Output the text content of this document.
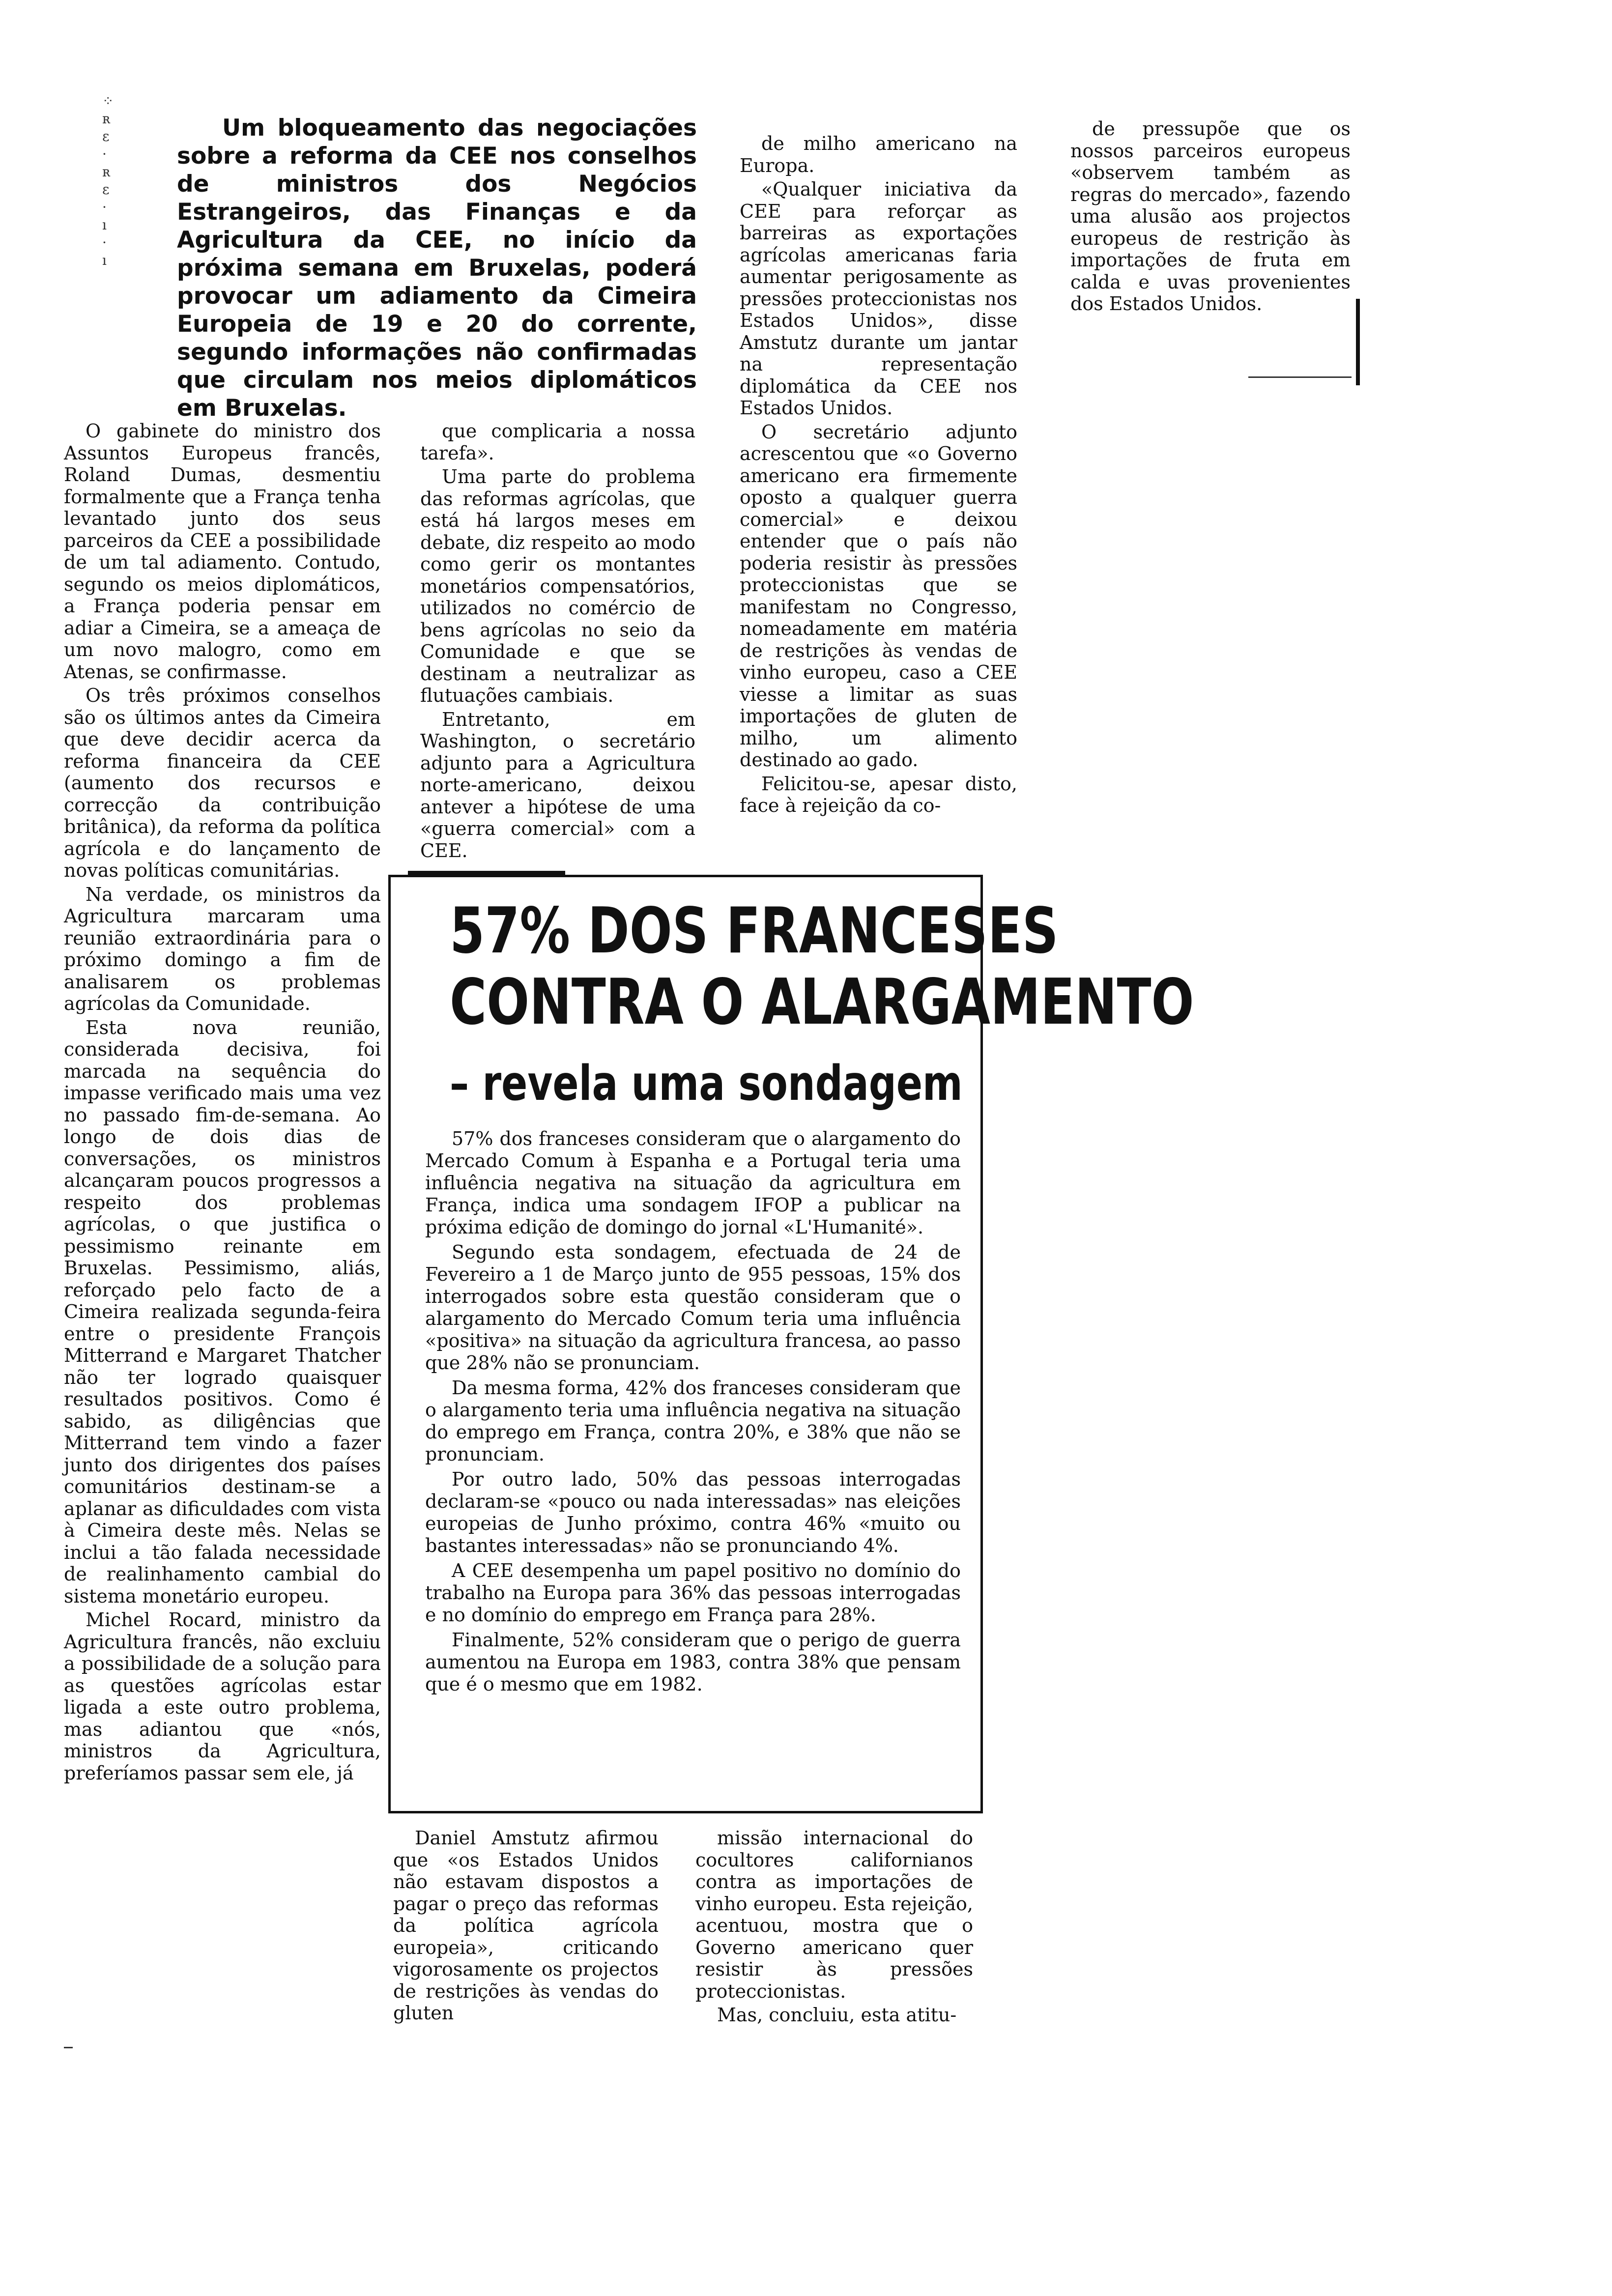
⁘
ʀ
ε
·
ʀ
ε
·
ı
·
ı

Um bloqueamento das negociações sobre a reforma da CEE nos conselhos de ministros dos Negócios Estrangeiros, das Finanças e da Agricultura da CEE, no início da próxima semana em Bruxelas, poderá provocar um adiamento da Cimeira Europeia de 19 e 20 do corrente, segundo informações não confirmadas que circulam nos meios diplomáticos em Bruxelas.

O gabinete do ministro dos Assuntos Europeus francês, Roland Dumas, desmentiu formalmente que a França tenha levantado junto dos seus parceiros da CEE a possibilidade de um tal adiamento. Contudo, segundo os meios diplomáticos, a França poderia pensar em adiar a Cimeira, se a ameaça de um novo malogro, como em Atenas, se confirmasse.

Os três próximos conselhos são os últimos antes da Cimeira que deve decidir acerca da reforma financeira da CEE (aumento dos recursos e correcção da contribuição britânica), da reforma da política agrícola e do lançamento de novas políticas comunitárias.

Na verdade, os ministros da Agricultura marcaram uma reunião extraordinária para o próximo domingo a fim de analisarem os problemas agrícolas da Comunidade.

Esta nova reunião, considerada decisiva, foi marcada na sequência do impasse verificado mais uma vez no passado fim-de-semana. Ao longo de dois dias de conversações, os ministros alcançaram poucos progressos a respeito dos problemas agrícolas, o que justifica o pessimismo reinante em Bruxelas. Pessimismo, aliás, reforçado pelo facto de a Cimeira realizada segunda-feira entre o presidente François Mitterrand e Margaret Thatcher não ter logrado quaisquer resultados positivos. Como é sabido, as diligências que Mitterrand tem vindo a fazer junto dos dirigentes dos países comunitários destinam-se a aplanar as dificuldades com vista à Cimeira deste mês. Nelas se inclui a tão falada necessidade de realinhamento cambial do sistema monetário europeu.

Michel Rocard, ministro da Agricultura francês, não excluiu a possibilidade de a solução para as questões agrícolas estar ligada a este outro problema, mas adiantou que «nós, ministros da Agricultura, preferíamos passar sem ele, já

que complicaria a nossa tarefa».

Uma parte do problema das reformas agrícolas, que está há largos meses em debate, diz respeito ao modo como gerir os montantes monetários compensatórios, utilizados no comércio de bens agrícolas no seio da Comunidade e que se destinam a neutralizar as flutuações cambiais.

Entretanto, em Washington, o secretário adjunto para a Agricultura norte-americano, deixou antever a hipótese de uma «guerra comercial» com a CEE.

de milho americano na Europa.

«Qualquer iniciativa da CEE para reforçar as barreiras as exportações agrícolas americanas faria aumentar perigosamente as pressões proteccionistas nos Estados Unidos», disse Amstutz durante um jantar na representação diplomática da CEE nos Estados Unidos.

O secretário adjunto acrescentou que «o Governo americano era firmemente oposto a qualquer guerra comercial» e deixou entender que o país não poderia resistir às pressões proteccionistas que se manifestam no Congresso, nomeadamente em matéria de restrições às vendas de vinho europeu, caso a CEE viesse a limitar as suas importações de gluten de milho, um alimento destinado ao gado.

Felicitou-se, apesar disto, face à rejeição da co-

de pressupõe que os nossos parceiros europeus «observem também as regras do mercado», fazendo uma alusão aos projectos europeus de restrição às importações de fruta em calda e uvas provenientes dos Estados Unidos.

57% DOS FRANCESES
CONTRA O ALARGAMENTO
– revela uma sondagem

57% dos franceses consideram que o alargamento do Mercado Comum à Espanha e a Portugal teria uma influência negativa na situação da agricultura em França, indica uma sondagem IFOP a publicar na próxima edição de domingo do jornal «L'Humanité».

Segundo esta sondagem, efectuada de 24 de Fevereiro a 1 de Março junto de 955 pessoas, 15% dos interrogados sobre esta questão consideram que o alargamento do Mercado Comum teria uma influência «positiva» na situação da agricultura francesa, ao passo que 28% não se pronunciam.

Da mesma forma, 42% dos franceses consideram que o alargamento teria uma influência negativa na situação do emprego em França, contra 20%, e 38% que não se pronunciam.

Por outro lado, 50% das pessoas interrogadas declaram-se «pouco ou nada interessadas» nas eleições europeias de Junho próximo, contra 46% «muito ou bastantes interessadas» não se pronunciando 4%.

A CEE desempenha um papel positivo no domínio do trabalho na Europa para 36% das pessoas interrogadas e no domínio do emprego em França para 28%.

Finalmente, 52% consideram que o perigo de guerra aumentou na Europa em 1983, contra 38% que pensam que é o mesmo que em 1982.

Daniel Amstutz afirmou que «os Estados Unidos não estavam dispostos a pagar o preço das reformas da política agrícola europeia», criticando vigorosamente os projectos de restrições às vendas do gluten

missão internacional do cocultores californianos contra as importações de vinho europeu. Esta rejeição, acentuou, mostra que o Governo americano quer resistir às pressões proteccionistas.

Mas, concluiu, esta atitu-
